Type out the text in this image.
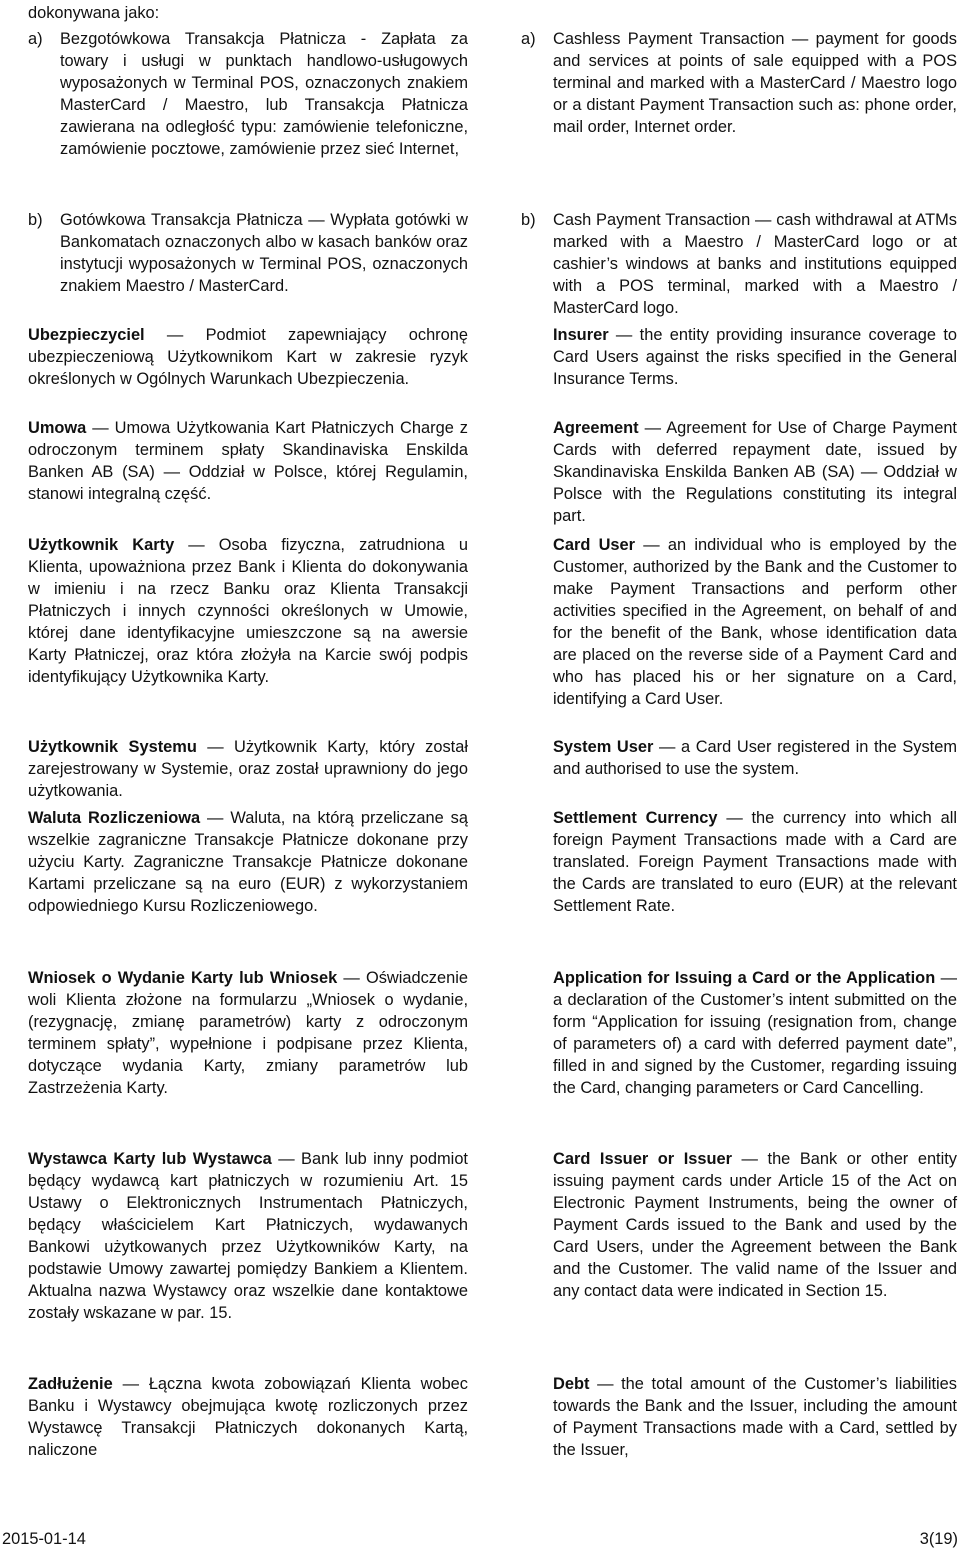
dokonywana jako:
a)	Bezgotówkowa Transakcja Płatnicza - Zapłata za towary i usługi w punktach handlowo-usługowych wyposażonych w Terminal POS, oznaczonych znakiem MasterCard / Maestro, lub Transakcja Płatnicza zawierana na odległość typu: zamówienie telefoniczne, zamówienie pocztowe, zamówienie przez sieć Internet,
b)	Gotówkowa Transakcja Płatnicza ― Wypłata gotówki w Bankomatach oznaczonych albo w kasach banków oraz instytucji wyposażonych w Terminal POS, oznaczonych znakiem Maestro / MasterCard.

Ubezpieczyciel ― Podmiot zapewniający ochronę ubezpieczeniową Użytkownikom Kart w zakresie ryzyk określonych w Ogólnych Warunkach Ubezpieczenia.

Umowa ― Umowa Użytkowania Kart Płatniczych Charge z odroczonym terminem spłaty Skandinaviska Enskilda Banken AB (SA) ― Oddział w Polsce, której Regulamin, stanowi integralną część.

Użytkownik Karty ― Osoba fizyczna, zatrudniona u Klienta, upoważniona przez Bank i Klienta do dokonywania w imieniu i na rzecz Banku oraz Klienta Transakcji Płatniczych i innych czynności określonych w Umowie, której dane identyfikacyjne umieszczone są na awersie Karty Płatniczej, oraz która złożyła na Karcie swój podpis identyfikujący Użytkownika Karty.

Użytkownik Systemu ― Użytkownik Karty, który został zarejestrowany w Systemie, oraz został uprawniony do jego użytkowania.

Waluta Rozliczeniowa ― Waluta, na którą przeliczane są wszelkie zagraniczne Transakcje Płatnicze dokonane przy użyciu Karty. Zagraniczne Transakcje Płatnicze dokonane Kartami przeliczane są na euro (EUR) z wykorzystaniem odpowiedniego Kursu Rozliczeniowego.

Wniosek o Wydanie Karty lub Wniosek ― Oświadczenie woli Klienta złożone na formularzu „Wniosek o wydanie, (rezygnację, zmianę parametrów) karty z odroczonym terminem spłaty”, wypełnione i podpisane przez Klienta, dotyczące wydania Karty, zmiany parametrów lub Zastrzeżenia Karty.

Wystawca Karty lub Wystawca ― Bank lub inny podmiot będący wydawcą kart płatniczych w rozumieniu Art. 15 Ustawy o Elektronicznych Instrumentach Płatniczych, będący właścicielem Kart Płatniczych, wydawanych Bankowi użytkowanych przez Użytkowników Karty, na podstawie Umowy zawartej pomiędzy Bankiem a Klientem. Aktualna nazwa Wystawcy oraz wszelkie dane kontaktowe zostały wskazane w par. 15.

Zadłużenie ― Łączna kwota zobowiązań Klienta wobec Banku i Wystawcy obejmująca kwotę rozliczonych przez Wystawcę Transakcji Płatniczych dokonanych Kartą, naliczone

a)	Cashless Payment Transaction ― payment for goods and services at points of sale equipped with a POS terminal and marked with a MasterCard / Maestro logo or a distant Payment Transaction such as: phone order, mail order, Internet order.
b)	Cash Payment Transaction ― cash withdrawal at ATMs marked with a Maestro / MasterCard logo or at cashier’s windows at banks and institutions equipped with a POS terminal, marked with a Maestro / MasterCard logo.

Insurer ― the entity providing insurance coverage to Card Users against the risks specified in the General Insurance Terms.

Agreement ― Agreement for Use of Charge Payment Cards with deferred repayment date, issued by Skandinaviska Enskilda Banken AB (SA) ― Oddział w Polsce with the Regulations constituting its integral part.

Card User ― an individual who is employed by the Customer, authorized by the Bank and the Customer to make Payment Transactions and perform other activities specified in the Agreement, on behalf of and for the benefit of the Bank, whose identification data are placed on the reverse side of a Payment Card and who has placed his or her signature on a Card, identifying a Card User.

System User ― a Card User registered in the System and authorised to use the system.

Settlement Currency ― the currency into which all foreign Payment Transactions made with a Card are translated. Foreign Payment Transactions made with the Cards are translated to euro (EUR) at the relevant Settlement Rate.

Application for Issuing a Card or the Application ― a declaration of the Customer’s intent submitted on the form “Application for issuing (resignation from, change of parameters of) a card with deferred payment date”, filled in and signed by the Customer, regarding issuing the Card, changing parameters or Card Cancelling.

Card Issuer or Issuer ― the Bank or other entity issuing payment cards under Article 15 of the Act on Electronic Payment Instruments, being the owner of Payment Cards issued to the Bank and used by the Card Users, under the Agreement between the Bank and the Customer. The valid name of the Issuer and any contact data were indicated in Section 15.

Debt ― the total amount of the Customer’s liabilities towards the Bank and the Issuer, including the amount of Payment Transactions made with a Card, settled by the Issuer,

2015-01-14	3(19)
